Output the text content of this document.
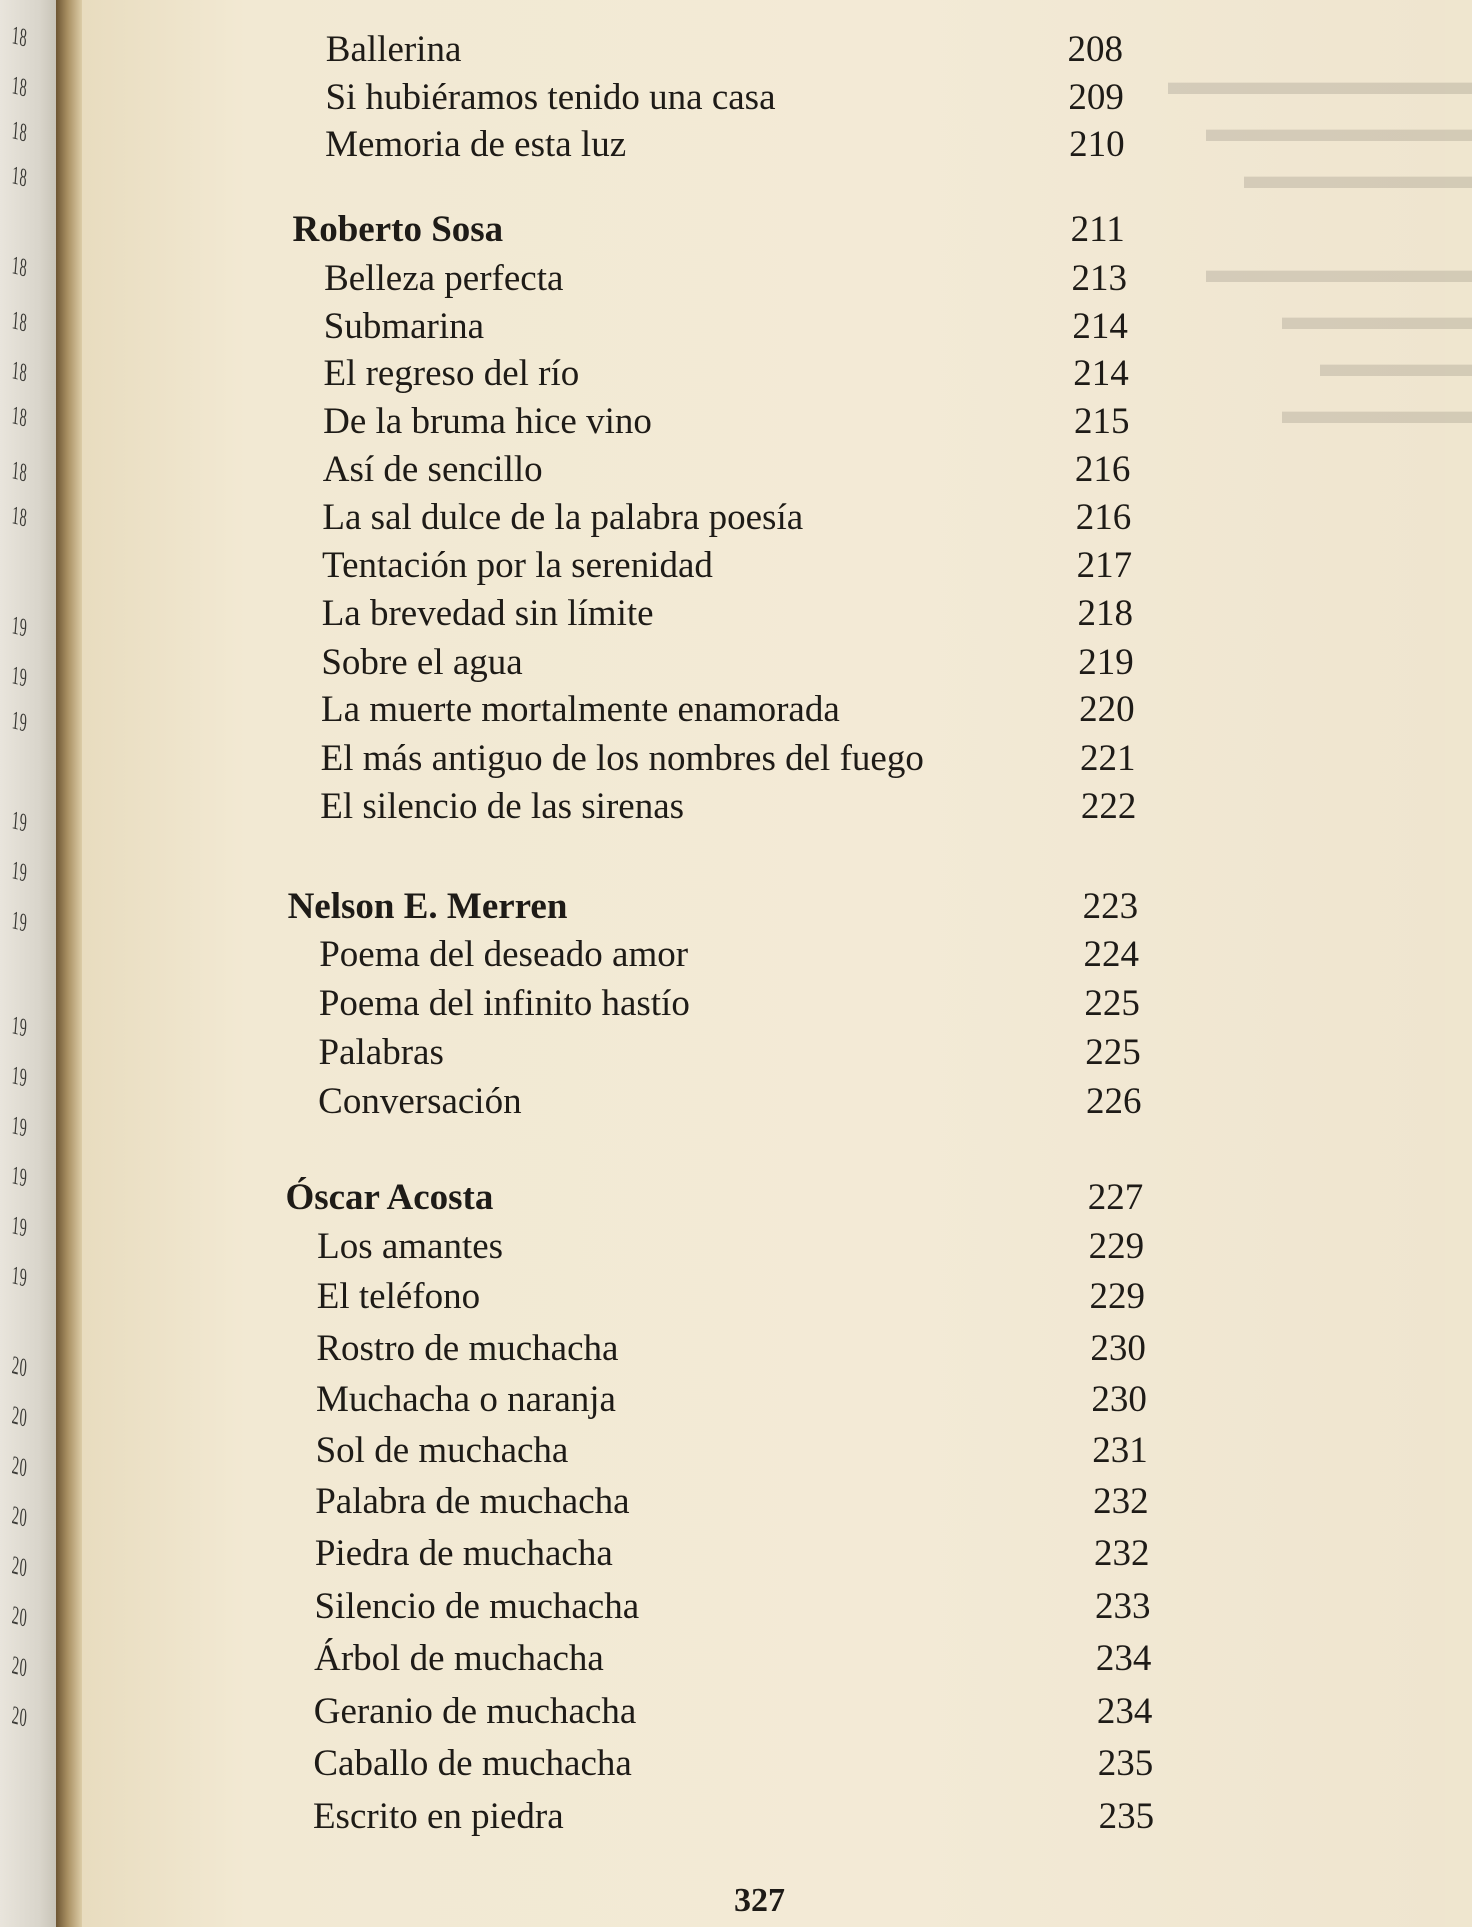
18
18
18
18
18
18
18
18
18
18
19
19
19
19
19
19
19
19
19
19
19
19
20
20
20
20
20
20
20
20
▬▬▬▬▬▬▬▬
▬▬▬▬▬▬▬
▬▬▬▬▬▬
▬▬▬▬▬▬▬
▬▬▬▬▬
▬▬▬▬
▬▬▬▬▬
Ballerina	208
Si hubiéramos tenido una casa	209
Memoria de esta luz	210
Roberto Sosa	211
Belleza perfecta	213
Submarina	214
El regreso del río	214
De la bruma hice vino	215
Así de sencillo	216
La sal dulce de la palabra poesía	216
Tentación por la serenidad	217
La brevedad sin límite	218
Sobre el agua	219
La muerte mortalmente enamorada	220
El más antiguo de los nombres del fuego	221
El silencio de las sirenas	222
Nelson E. Merren	223
Poema del deseado amor	224
Poema del infinito hastío	225
Palabras	225
Conversación	226
Óscar Acosta	227
Los amantes	229
El teléfono	229
Rostro de muchacha	230
Muchacha o naranja	230
Sol de muchacha	231
Palabra de muchacha	232
Piedra de muchacha	232
Silencio de muchacha	233
Árbol de muchacha	234
Geranio de muchacha	234
Caballo de muchacha	235
Escrito en piedra	235
327
